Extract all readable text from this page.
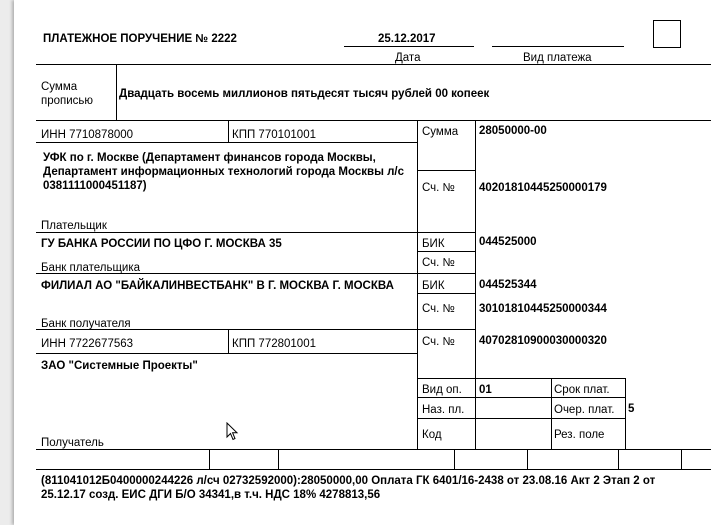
ПЛАТЕЖНОЕ ПОРУЧЕНИЕ № 2222	25.12.2017
Дата	Вид платежа
Сумма прописью
Двадцать восемь миллионов пятьдесят тысяч рублей 00 копеек
ИНН 7710878000	КПП 770101001	Сумма 28050000-00
УФК по г. Москве (Департамент финансов города Москвы, Департамент информационных технологий города Москвы л/с 0381111000451187)
Плательщик
Сч. № 40201810445250000179
ГУ БАНКА РОССИИ ПО ЦФО Г. МОСКВА 35	БИК	044525000
Сч. №
Банк плательщика
ФИЛИАЛ АО "БАЙКАЛИНВЕСТБАНК" В Г. МОСКВА Г. МОСКВА БИК	044525344
Сч. № 30101810445250000344
Банк получателя
ИНН 7722677563	КПП 772801001	Сч. № 40702810900030000320
ЗАО "Системные Проекты"
Получатель
Вид оп. 01	Срок плат.
Наз. пл.	Очер. плат. 5
Код	Рез. поле
(811041012Б0400000244226 л/сч 02732592000):28050000,00 Оплата ГК 6401/16-2438 от 23.08.16 Акт 2 Этап 2 от 25.12.17 созд. ЕИС ДГИ Б/О 34341,в т.ч. НДС 18% 4278813,56
